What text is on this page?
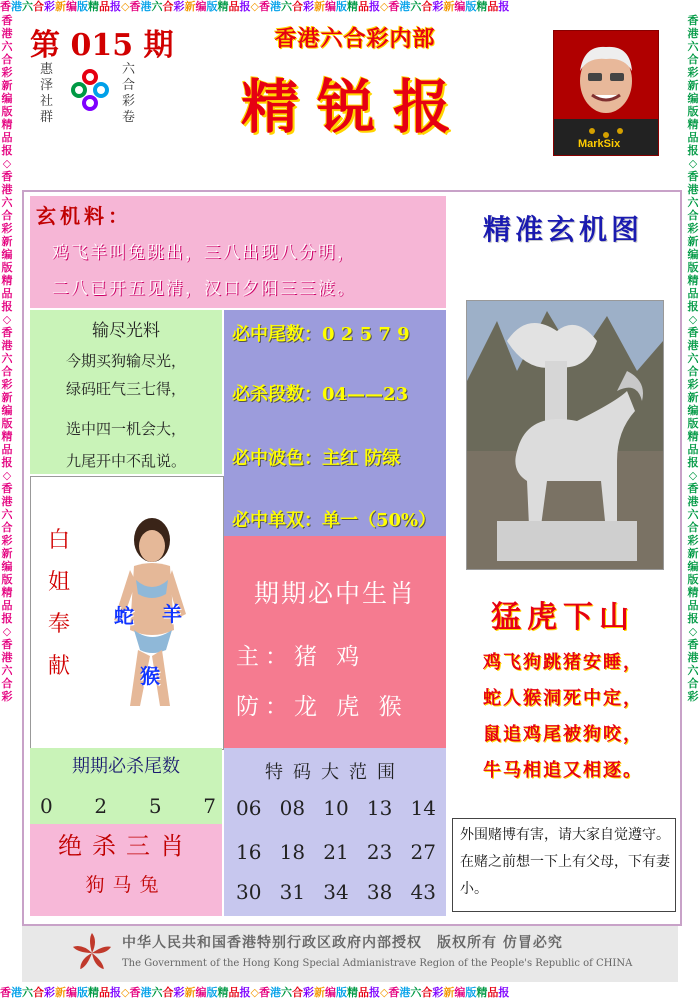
香港六合彩新编版精品报◇香港六合彩新编版精品报◇香港六合彩新编版精品报◇香港六合彩新编版精品报
香港六合彩新编版精品报◇香港六合彩新编版精品报◇香港六合彩新编版精品报◇香港六合彩新编版精品报
香港六合彩新编版精品报◇香港六合彩新编版精品报◇香港六合彩新编版精品报◇香港六合彩新编版精品报◇香港六合彩
香港六合彩新编版精品报◇香港六合彩新编版精品报◇香港六合彩新编版精品报◇香港六合彩新编版精品报◇香港六合彩
第 015 期
惠泽社群
六合彩卷
香港六合彩内部
精锐报
MarkSix
玄机料：
鸡飞羊叫兔跳出，三八出现八分明，
二八已开五见清，汉口夕阳三三渡。
输尽光料
今期买狗输尽光，
绿码旺气三七得，
选中四一机会大，
九尾开中不乱说。
必中尾数：0 2 5 7 9
必杀段数：04——23
必中波色：主红 防绿
必中单双：单一（50%）
白姐奉献
蛇 羊
猴
期期必中生肖
主：猪 鸡
防：龙 虎 猴
期期必杀尾数
0 2 5 7
绝杀三肖
狗马兔
特码大范围
06 08 10 13 14
16 18 21 23 27
30 31 34 38 43
精准玄机图
猛虎下山
鸡飞狗跳猪安睡，
蛇人猴洞死中定，
鼠追鸡尾被狗咬，
牛马相追又相逐。
外围赌博有害，请大家自觉遵守。在赌之前想一下上有父母，下有妻小。
中华人民共和国香港特别行政区政府内部授权　版权所有 仿冒必究
The Government of the Hong Kong Special Admianistrave Region of the People's Republic of CHINA
